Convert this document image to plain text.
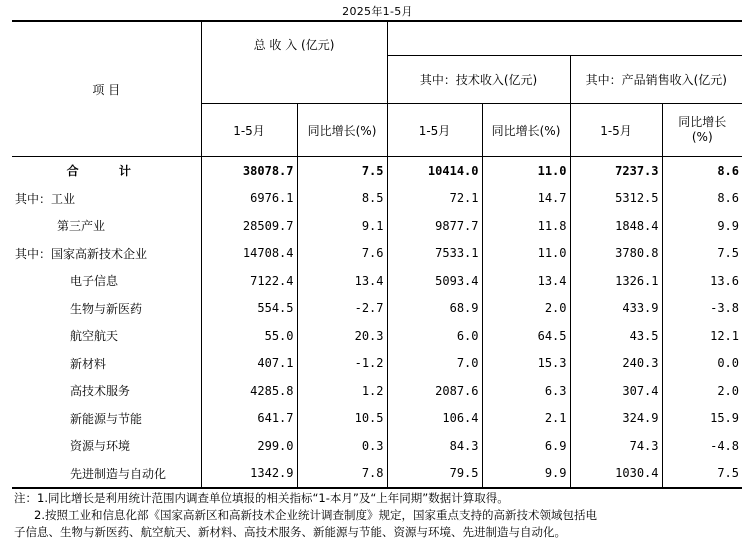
2025年1-5月
项 目	总 收 入 (亿元)					
			其中：技术收入(亿元)		其中：产品销售收入(亿元)	
	1-5月	同比增长(%)	1-5月	同比增长(%)	1-5月	同比增长
(%)
合 计	38078.7	7.5	10414.0	11.0	7237.3	8.6
其中：工业	6976.1	8.5	72.1	14.7	5312.5	8.6
第三产业	28509.7	9.1	9877.7	11.8	1848.4	9.9
其中：国家高新技术企业	14708.4	7.6	7533.1	11.0	3780.8	7.5
电子信息	7122.4	13.4	5093.4	13.4	1326.1	13.6
生物与新医药	554.5	-2.7	68.9	2.0	433.9	-3.8
航空航天	55.0	20.3	6.0	64.5	43.5	12.1
新材料	407.1	-1.2	7.0	15.3	240.3	0.0
高技术服务	4285.8	1.2	2087.6	6.3	307.4	2.0
新能源与节能	641.7	10.5	106.4	2.1	324.9	15.9
资源与环境	299.0	0.3	84.3	6.9	74.3	-4.8
先进制造与自动化	1342.9	7.8	79.5	9.9	1030.4	7.5

注：1.同比增长是利用统计范围内调查单位填报的相关指标“1-本月”及“上年同期”数据计算取得。

2.按照工业和信息化部《国家高新区和高新技术企业统计调查制度》规定，国家重点支持的高新技术领域包括电

子信息、生物与新医药、航空航天、新材料、高技术服务、新能源与节能、资源与环境、先进制造与自动化。
